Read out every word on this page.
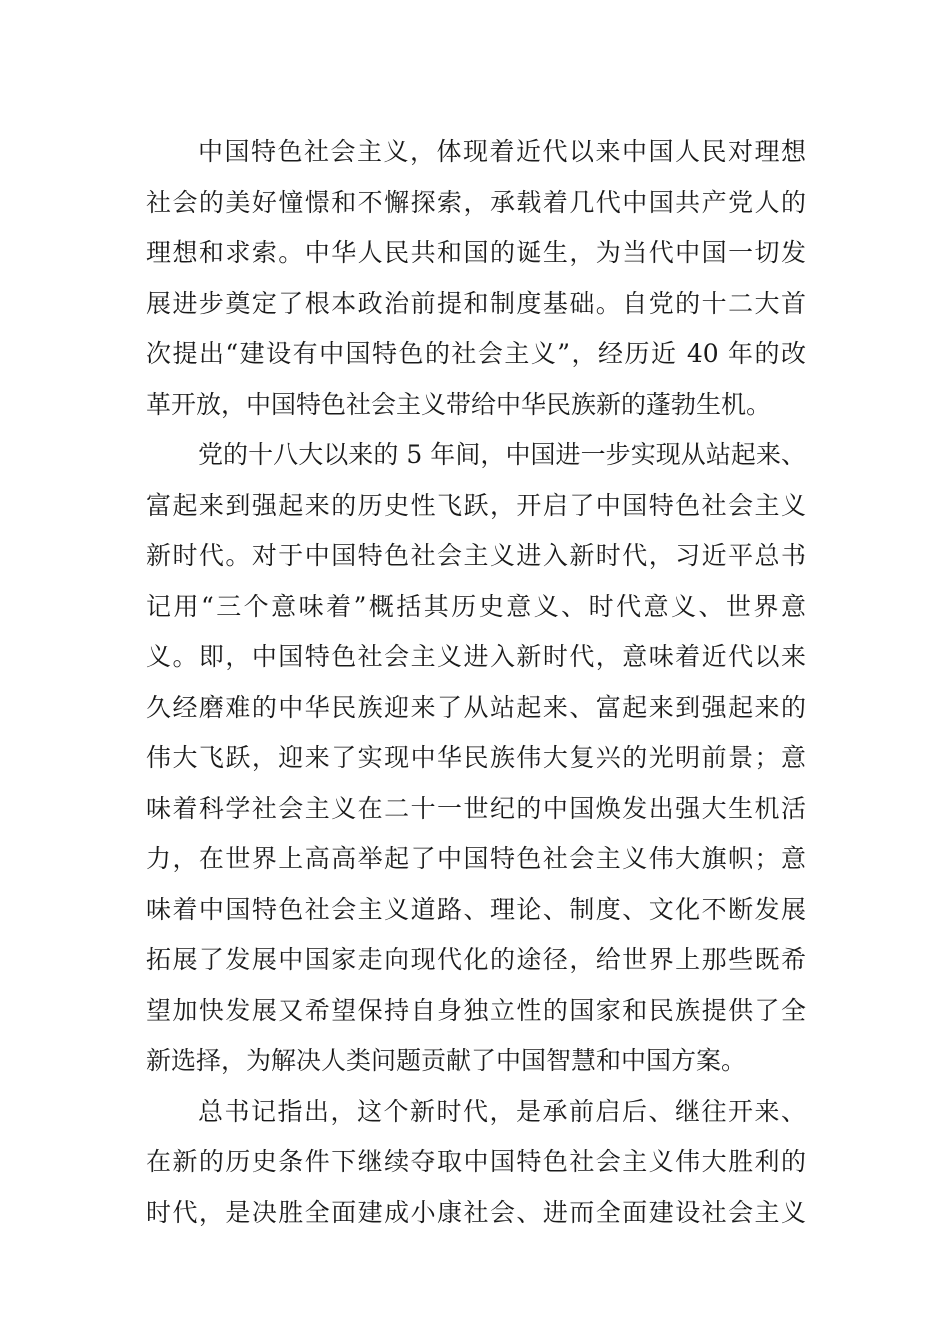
中国特色社会主义，体现着近代以来中国人民对理想
社会的美好憧憬和不懈探索，承载着几代中国共产党人的
理想和求索。中华人民共和国的诞生，为当代中国一切发
展进步奠定了根本政治前提和制度基础。自党的十二大首
次提出“建设有中国特色的社会主义”，经历近 40 年的改
革开放，中国特色社会主义带给中华民族新的蓬勃生机。
党的十八大以来的 5 年间，中国进一步实现从站起来、
富起来到强起来的历史性飞跃，开启了中国特色社会主义
新时代。对于中国特色社会主义进入新时代，习近平总书
记用“三个意味着”概括其历史意义、时代意义、世界意
义。即，中国特色社会主义进入新时代，意味着近代以来
久经磨难的中华民族迎来了从站起来、富起来到强起来的
伟大飞跃，迎来了实现中华民族伟大复兴的光明前景；意
味着科学社会主义在二十一世纪的中国焕发出强大生机活
力，在世界上高高举起了中国特色社会主义伟大旗帜；意
味着中国特色社会主义道路、理论、制度、文化不断发展
拓展了发展中国家走向现代化的途径，给世界上那些既希
望加快发展又希望保持自身独立性的国家和民族提供了全
新选择，为解决人类问题贡献了中国智慧和中国方案。
总书记指出，这个新时代，是承前启后、继往开来、
在新的历史条件下继续夺取中国特色社会主义伟大胜利的
时代，是决胜全面建成小康社会、进而全面建设社会主义
